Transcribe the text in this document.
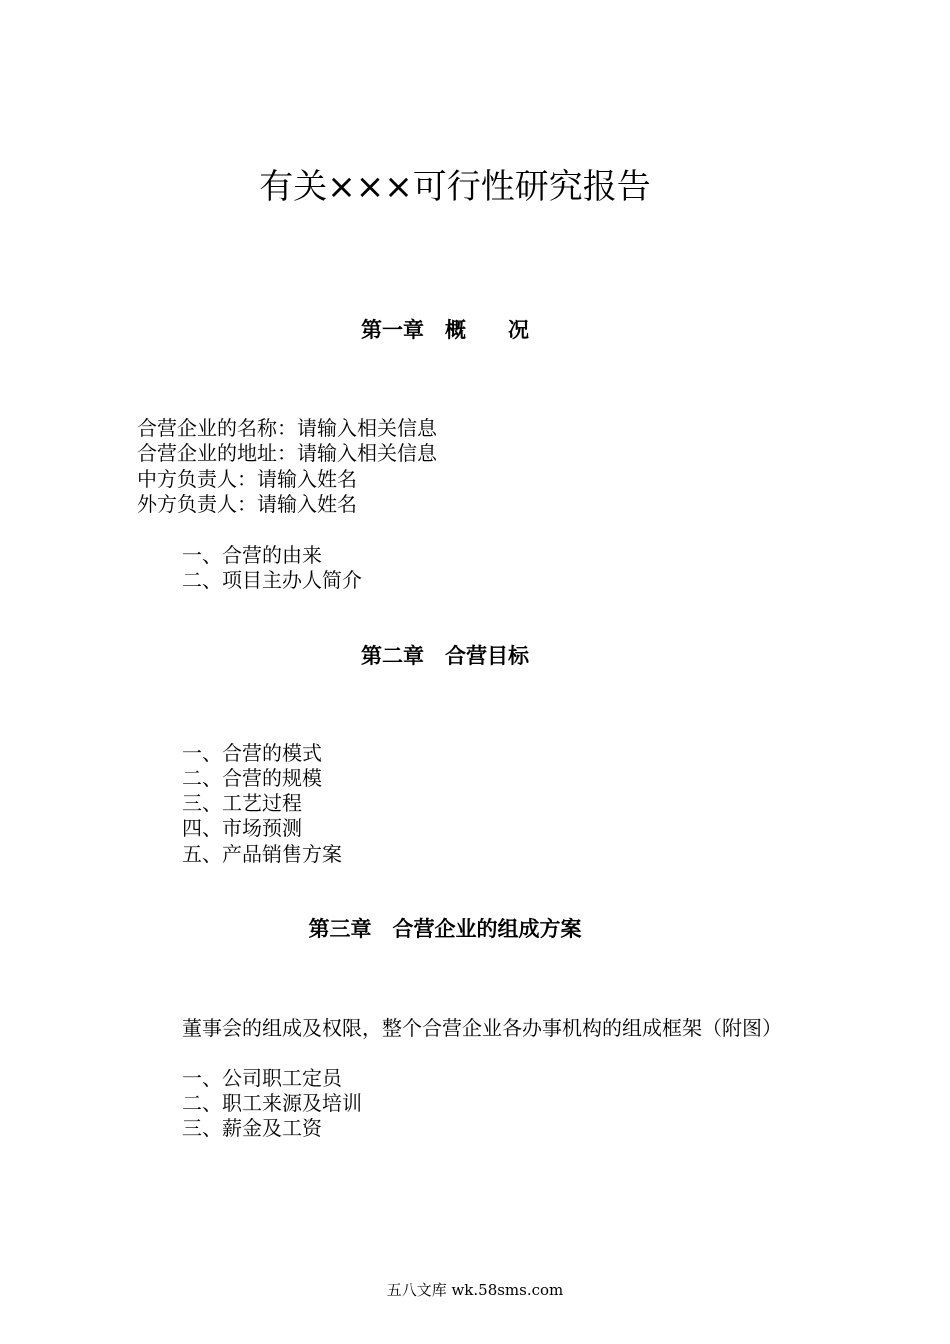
有关×××可行性研究报告
第一章　概　　况
合营企业的名称：请输入相关信息
合营企业的地址：请输入相关信息
中方负责人：请输入姓名
外方负责人：请输入姓名
一、合营的由来
二、项目主办人简介
第二章　合营目标
一、合营的模式
二、合营的规模
三、工艺过程
四、市场预测
五、产品销售方案
第三章　合营企业的组成方案
董事会的组成及权限，整个合营企业各办事机构的组成框架（附图）
一、公司职工定员
二、职工来源及培训
三、薪金及工资
五八文库 wk.58sms.com
